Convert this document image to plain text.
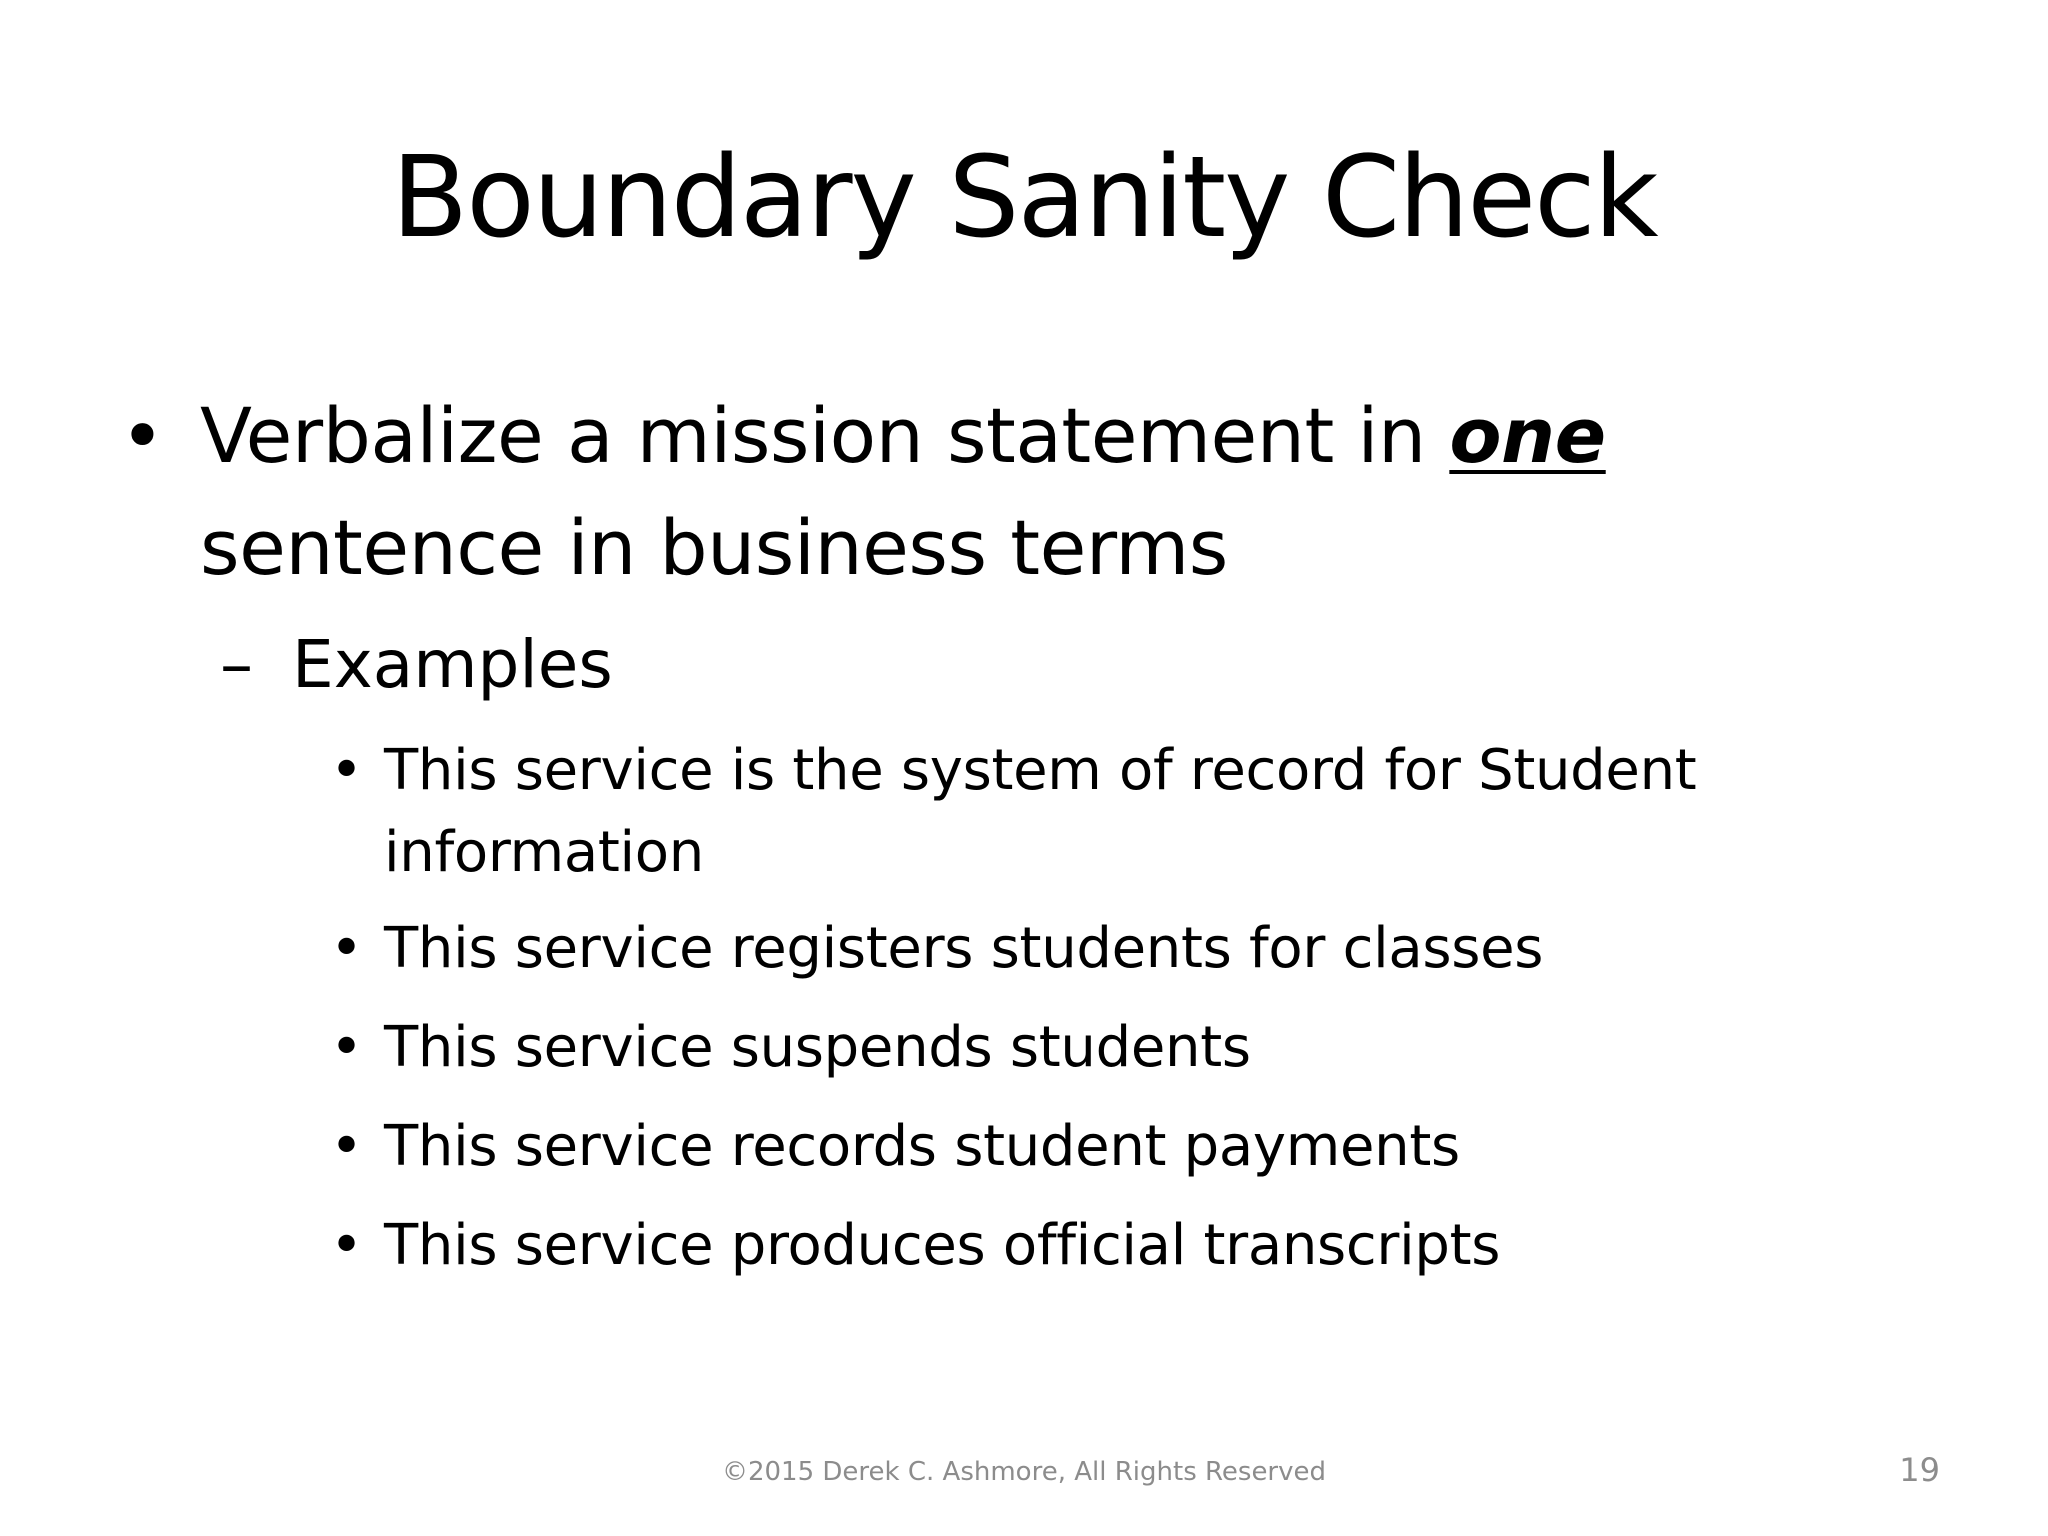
Boundary Sanity Check
• Verbalize a mission statement in one sentence in business terms
– Examples
• This service is the system of record for Student information
• This service registers students for classes
• This service suspends students
• This service records student payments
• This service produces official transcripts
©2015 Derek C. Ashmore, All Rights Reserved	19
